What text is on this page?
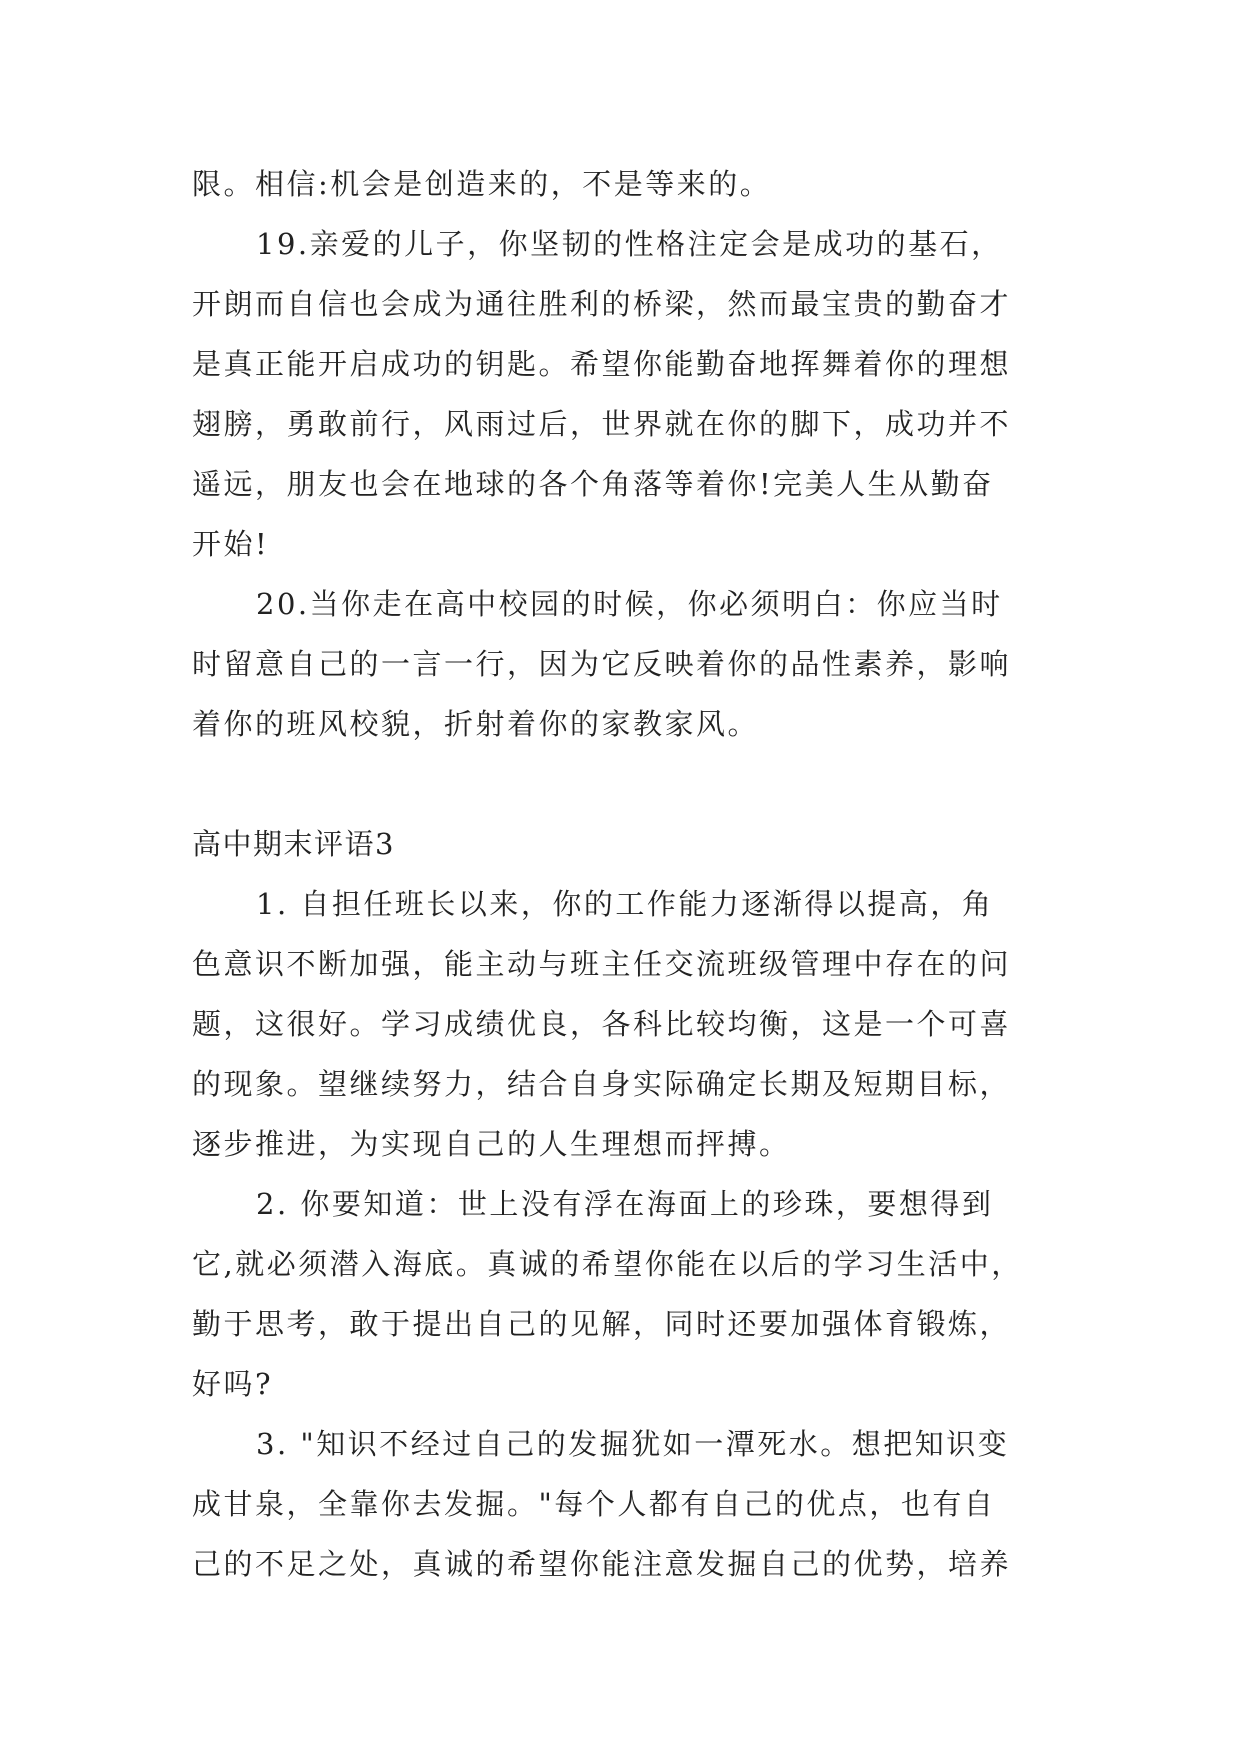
限。相信:机会是创造来的，不是等来的。
19.亲爱的儿子，你坚韧的性格注定会是成功的基石，
开朗而自信也会成为通往胜利的桥梁，然而最宝贵的勤奋才
是真正能开启成功的钥匙。希望你能勤奋地挥舞着你的理想
翅膀，勇敢前行，风雨过后，世界就在你的脚下，成功并不
遥远，朋友也会在地球的各个角落等着你!完美人生从勤奋
开始!
20.当你走在高中校园的时候，你必须明白：你应当时
时留意自己的一言一行，因为它反映着你的品性素养，影响
着你的班风校貌，折射着你的家教家风。
高中期末评语3
1. 自担任班长以来，你的工作能力逐渐得以提高，角
色意识不断加强，能主动与班主任交流班级管理中存在的问
题，这很好。学习成绩优良，各科比较均衡，这是一个可喜
的现象。望继续努力，结合自身实际确定长期及短期目标，
逐步推进，为实现自己的人生理想而抨搏。
2. 你要知道：世上没有浮在海面上的珍珠，要想得到
它,就必须潜入海底。真诚的希望你能在以后的学习生活中，
勤于思考，敢于提出自己的见解，同时还要加强体育锻炼，
好吗?
3. "知识不经过自己的发掘犹如一潭死水。想把知识变
成甘泉，全靠你去发掘。"每个人都有自己的优点，也有自
己的不足之处，真诚的希望你能注意发掘自己的优势，培养
